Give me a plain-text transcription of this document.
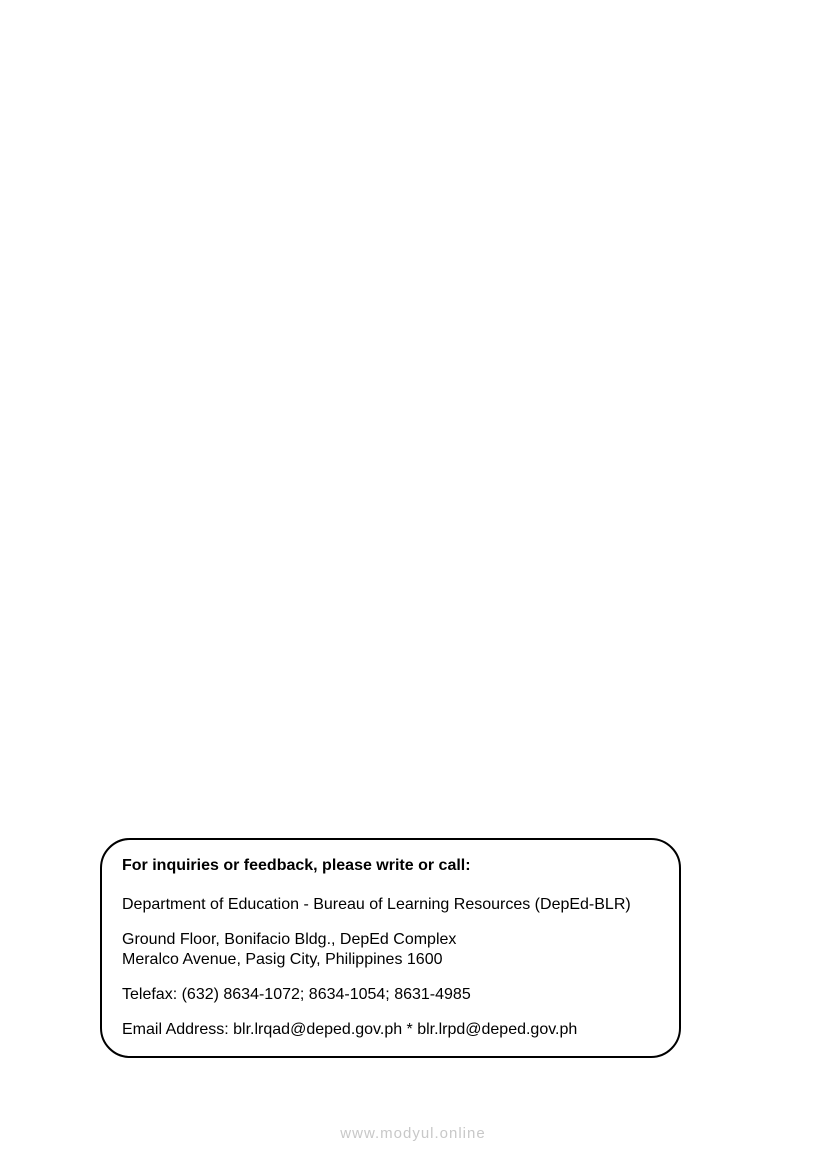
For inquiries or feedback, please write or call:
Department of Education - Bureau of Learning Resources (DepEd-BLR)
Ground Floor, Bonifacio Bldg., DepEd Complex
Meralco Avenue, Pasig City, Philippines 1600
Telefax: (632) 8634-1072; 8634-1054; 8631-4985
Email Address: blr.lrqad@deped.gov.ph * blr.lrpd@deped.gov.ph
www.modyul.online
